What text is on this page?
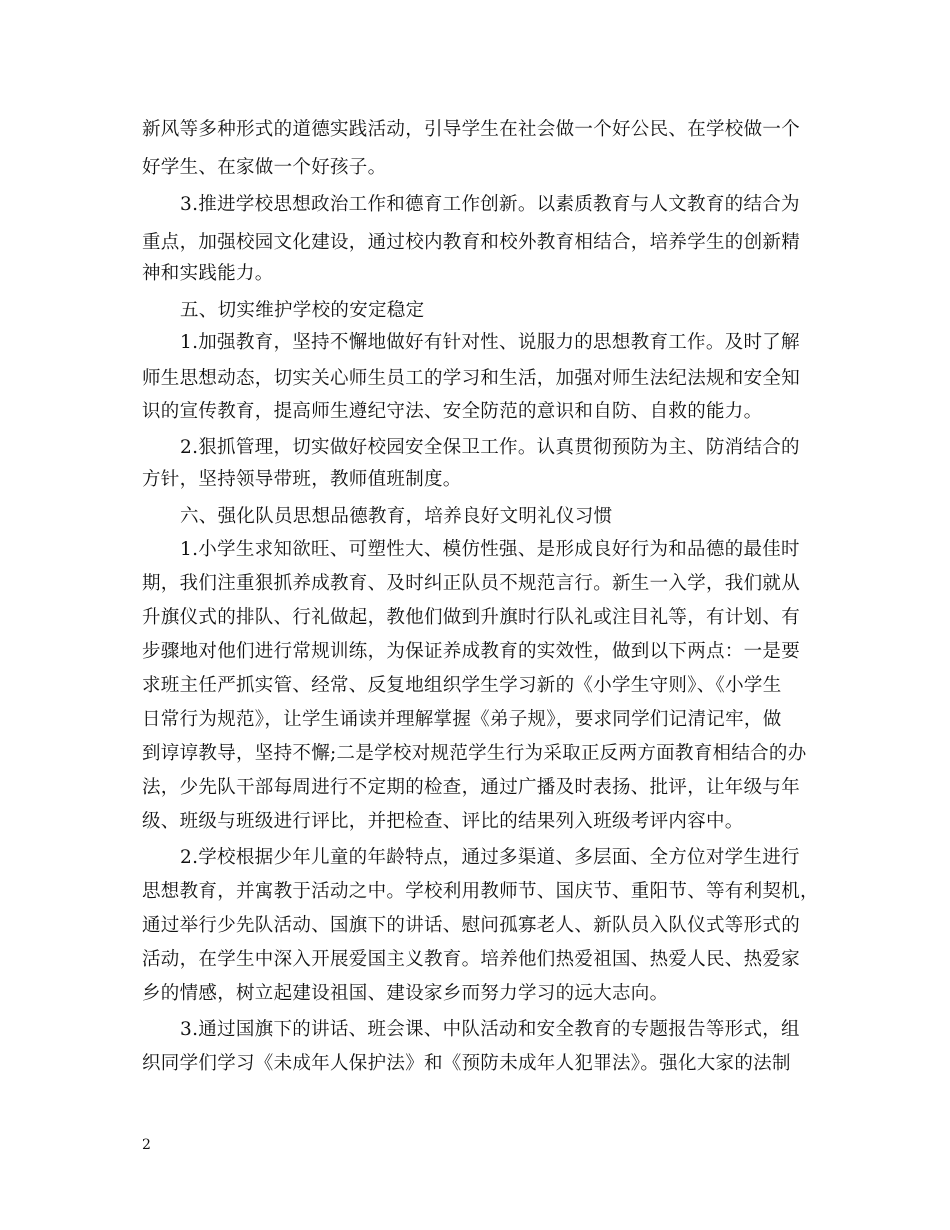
新风等多种形式的道德实践活动，引导学生在社会做一个好公民、在学校做一个
好学生、在家做一个好孩子。
3.推进学校思想政治工作和德育工作创新。以素质教育与人文教育的结合为
重点，加强校园文化建设，通过校内教育和校外教育相结合，培养学生的创新精
神和实践能力。
五、切实维护学校的安定稳定
1.加强教育，坚持不懈地做好有针对性、说服力的思想教育工作。及时了解
师生思想动态，切实关心师生员工的学习和生活，加强对师生法纪法规和安全知
识的宣传教育，提高师生遵纪守法、安全防范的意识和自防、自救的能力。
2.狠抓管理，切实做好校园安全保卫工作。认真贯彻预防为主、防消结合的
方针，坚持领导带班，教师值班制度。
六、强化队员思想品德教育，培养良好文明礼仪习惯
1.小学生求知欲旺、可塑性大、模仿性强、是形成良好行为和品德的最佳时
期，我们注重狠抓养成教育、及时纠正队员不规范言行。新生一入学，我们就从
升旗仪式的排队、行礼做起，教他们做到升旗时行队礼或注目礼等，有计划、有
步骤地对他们进行常规训练，为保证养成教育的实效性，做到以下两点：一是要
求班主任严抓实管、经常、反复地组织学生学习新的《小学生守则》、《小学生
日常行为规范》，让学生诵读并理解掌握《弟子规》，要求同学们记清记牢，做
到谆谆教导，坚持不懈;二是学校对规范学生行为采取正反两方面教育相结合的办
法，少先队干部每周进行不定期的检查，通过广播及时表扬、批评，让年级与年
级、班级与班级进行评比，并把检查、评比的结果列入班级考评内容中。
2.学校根据少年儿童的年龄特点，通过多渠道、多层面、全方位对学生进行
思想教育，并寓教于活动之中。学校利用教师节、国庆节、重阳节、等有利契机，
通过举行少先队活动、国旗下的讲话、慰问孤寡老人、新队员入队仪式等形式的
活动，在学生中深入开展爱国主义教育。培养他们热爱祖国、热爱人民、热爱家
乡的情感，树立起建设祖国、建设家乡而努力学习的远大志向。
3.通过国旗下的讲话、班会课、中队活动和安全教育的专题报告等形式，组
织同学们学习《未成年人保护法》和《预防未成年人犯罪法》。强化大家的法制
2
